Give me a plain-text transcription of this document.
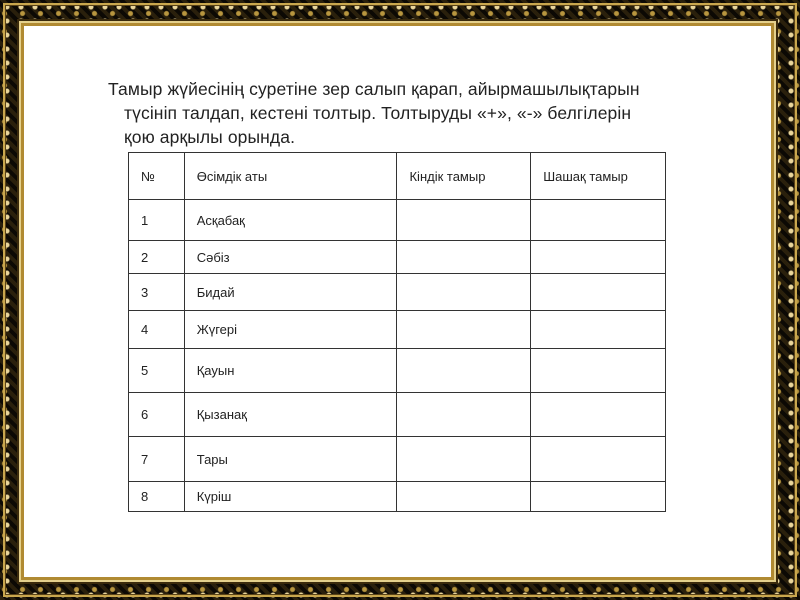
Тамыр жүйесінің суретіне зер салып қарап, айырмашылықтарын

түсініп талдап, кестені толтыр. Толтыруды «+», «-» белгілерін
қою арқылы орында.

№	Өсімдік аты	Кіндік тамыр	Шашақ тамыр
1	Асқабақ		
2	Сәбіз		
3	Бидай		
4	Жүгері		
5	Қауын		
6	Қызанақ		
7	Тары		
8	Күріш		
